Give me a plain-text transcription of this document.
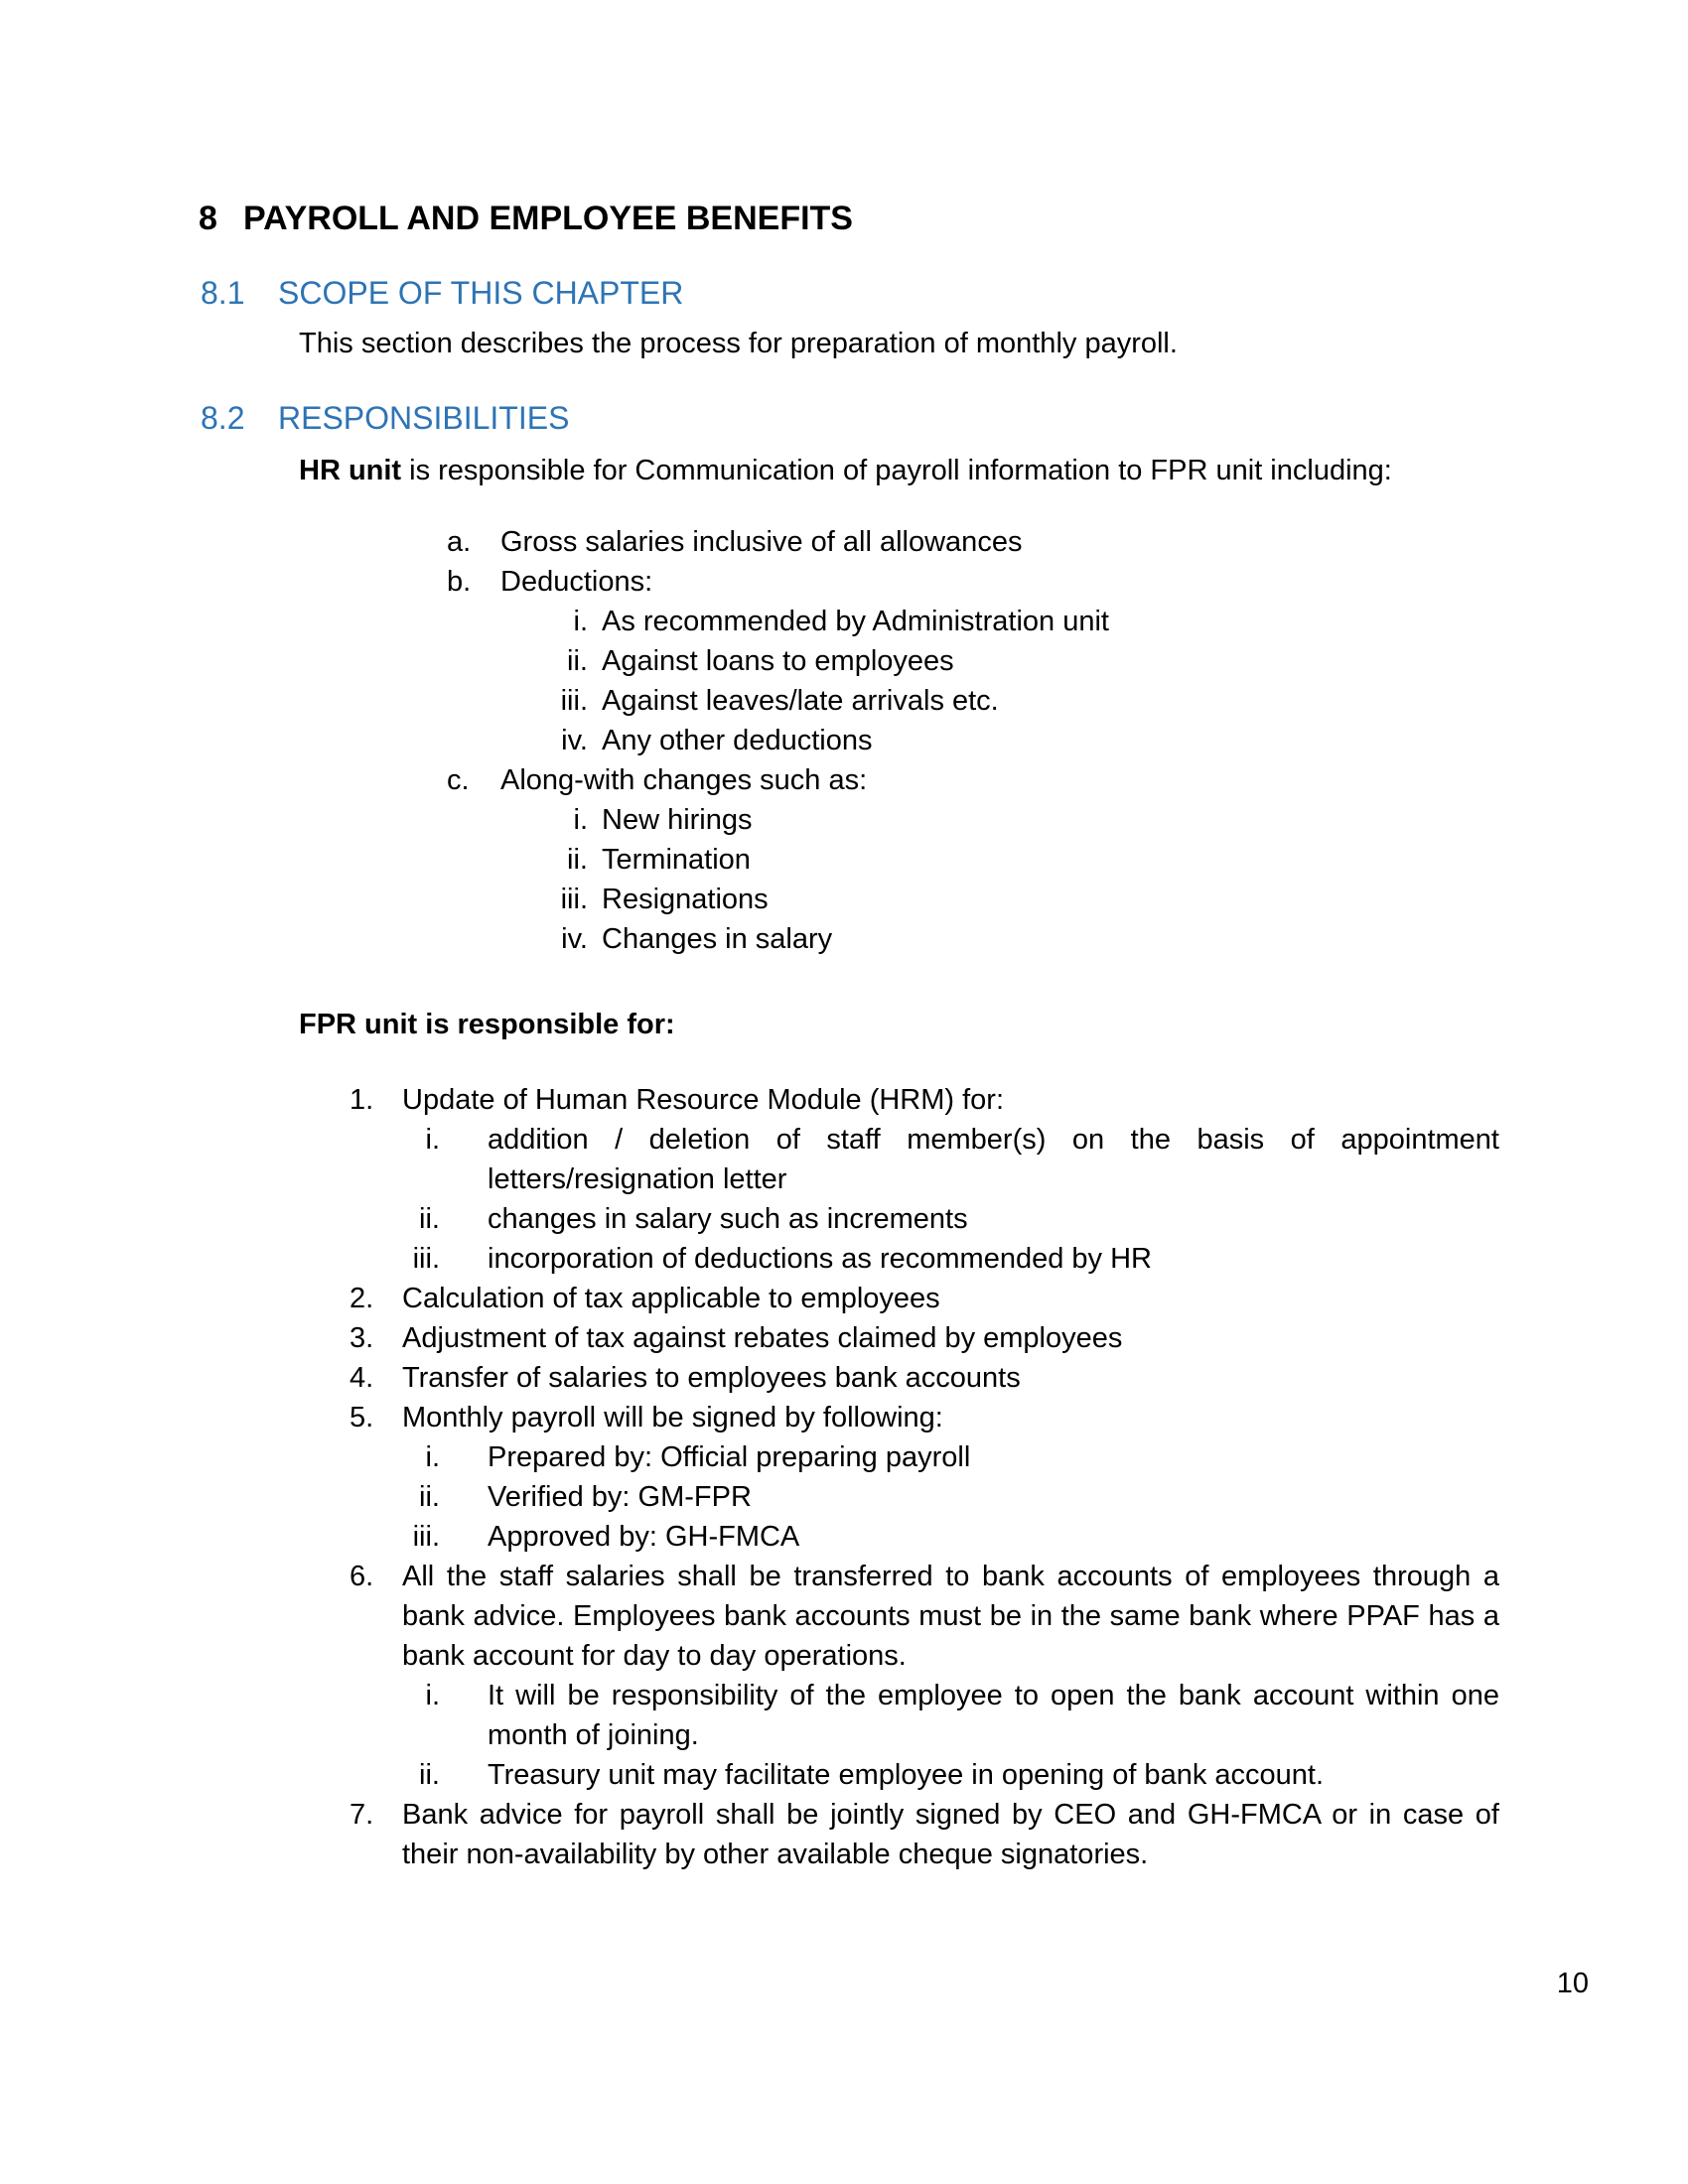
8 PAYROLL AND EMPLOYEE BENEFITS
8.1 SCOPE OF THIS CHAPTER

This section describes the process for preparation of monthly payroll.

8.2 RESPONSIBILITIES

HR unit is responsible for Communication of payroll information to FPR unit including:

a. Gross salaries inclusive of all allowances
b. Deductions:
i. As recommended by Administration unit
ii. Against loans to employees
iii. Against leaves/late arrivals etc.
iv. Any other deductions
c. Along-with changes such as:
i. New hirings
ii. Termination
iii. Resignations
iv. Changes in salary

FPR unit is responsible for:

1. Update of Human Resource Module (HRM) for:
i. addition / deletion of staff member(s) on the basis of appointment letters/resignation letter
ii. changes in salary such as increments
iii. incorporation of deductions as recommended by HR
2. Calculation of tax applicable to employees
3. Adjustment of tax against rebates claimed by employees
4. Transfer of salaries to employees bank accounts
5. Monthly payroll will be signed by following:
i. Prepared by: Official preparing payroll
ii. Verified by: GM-FPR
iii. Approved by: GH-FMCA
6. All the staff salaries shall be transferred to bank accounts of employees through a bank advice. Employees bank accounts must be in the same bank where PPAF has a bank account for day to day operations.
i. It will be responsibility of the employee to open the bank account within one month of joining.
ii. Treasury unit may facilitate employee in opening of bank account.
7. Bank advice for payroll shall be jointly signed by CEO and GH-FMCA or in case of their non-availability by other available cheque signatories.
10
